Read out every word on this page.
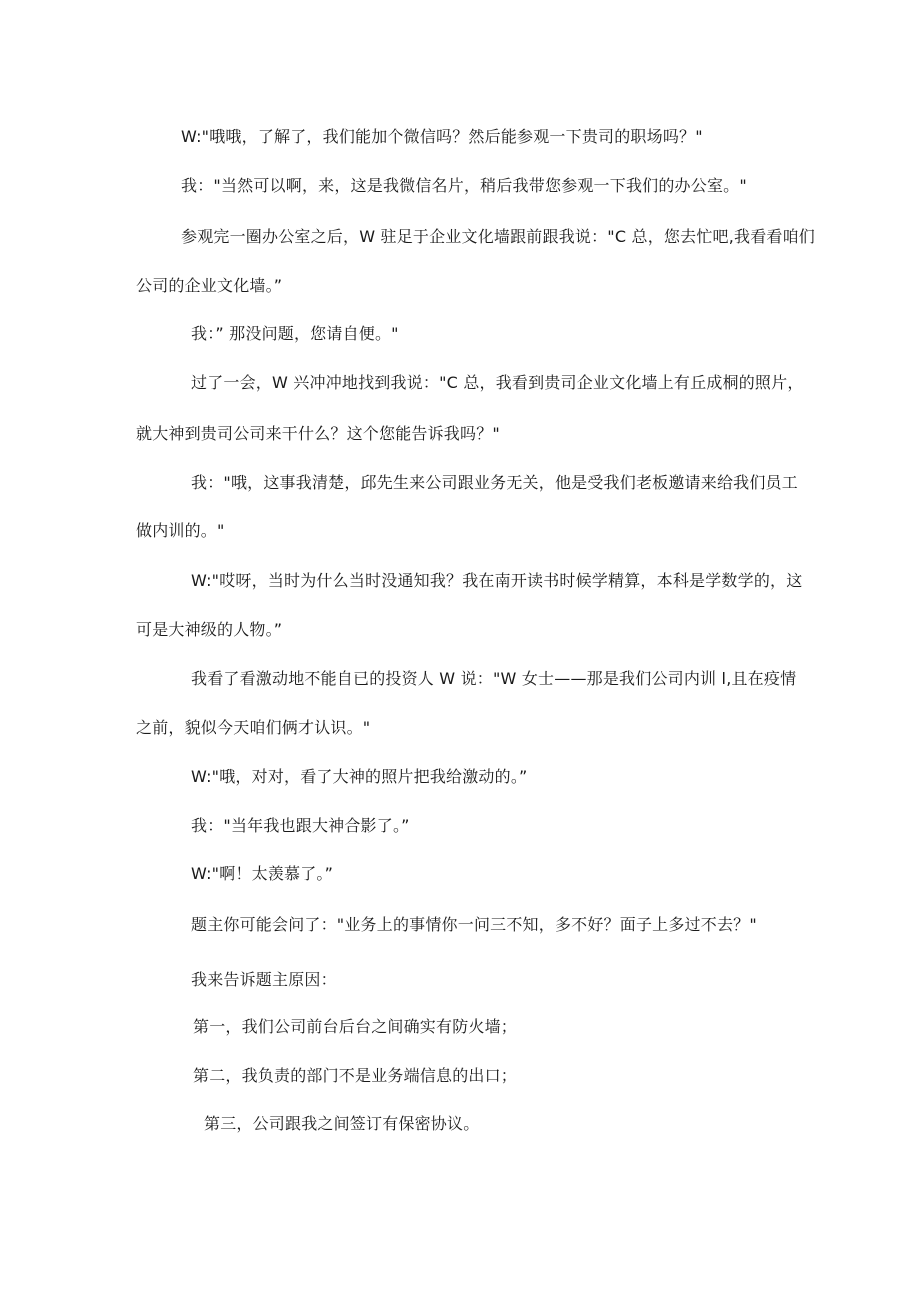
W:"哦哦，了解了，我们能加个微信吗？然后能参观一下贵司的职场吗？"
我："当然可以啊，来，这是我微信名片，稍后我带您参观一下我们的办公室。"
参观完一圈办公室之后，W 驻足于企业文化墙跟前跟我说："C 总，您去忙吧,我看看咱们
公司的企业文化墙。”
我：” 那没问题，您请自便。"
过了一会，W 兴冲冲地找到我说："C 总，我看到贵司企业文化墙上有丘成桐的照片，
就大神到贵司公司来干什么？这个您能告诉我吗？"
我："哦，这事我清楚，邱先生来公司跟业务无关，他是受我们老板邀请来给我们员工
做内训的。"
W:"哎呀，当时为什么当时没通知我？我在南开读书时候学精算，本科是学数学的，这
可是大神级的人物。”
我看了看激动地不能自已的投资人 W 说："W 女士——那是我们公司内训 l,且在疫情
之前，貌似今天咱们俩才认识。"
W:"哦，对对，看了大神的照片把我给激动的。”
我："当年我也跟大神合影了。”
W:"啊！太羡慕了。”
题主你可能会问了："业务上的事情你一问三不知，多不好？面子上多过不去？"
我来告诉题主原因：
第一，我们公司前台后台之间确实有防火墙；
第二，我负责的部门不是业务端信息的出口；
第三，公司跟我之间签订有保密协议。
